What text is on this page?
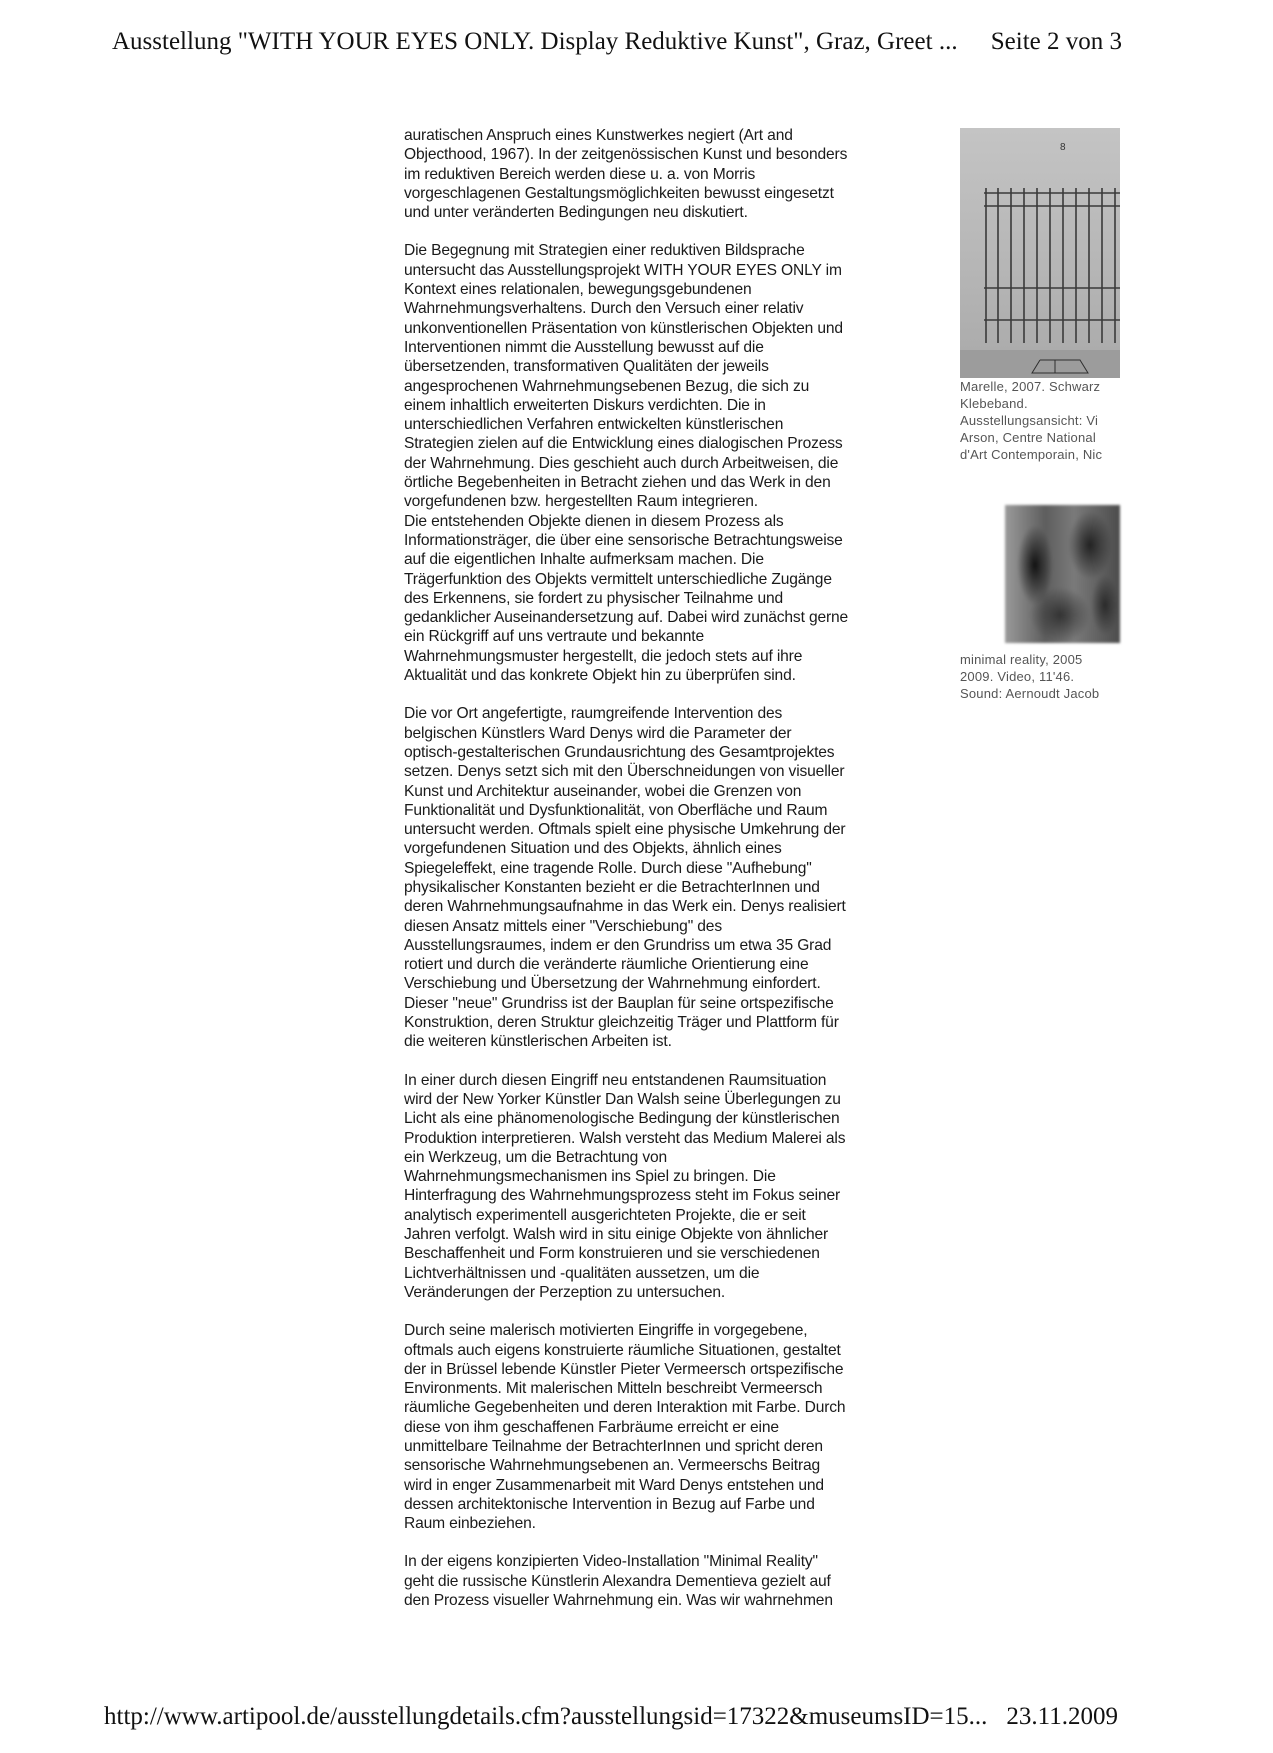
Ausstellung "WITH YOUR EYES ONLY. Display Reduktive Kunst", Graz, Greet ... Seite 2 von 3

auratischen Anspruch eines Kunstwerkes negiert (Art and
Objecthood, 1967). In der zeitgenössischen Kunst und besonders
im reduktiven Bereich werden diese u. a. von Morris
vorgeschlagenen Gestaltungsmöglichkeiten bewusst eingesetzt
und unter veränderten Bedingungen neu diskutiert.

Die Begegnung mit Strategien einer reduktiven Bildsprache
untersucht das Ausstellungsprojekt WITH YOUR EYES ONLY im
Kontext eines relationalen, bewegungsgebundenen
Wahrnehmungsverhaltens. Durch den Versuch einer relativ
unkonventionellen Präsentation von künstlerischen Objekten und
Interventionen nimmt die Ausstellung bewusst auf die
übersetzenden, transformativen Qualitäten der jeweils
angesprochenen Wahrnehmungsebenen Bezug, die sich zu
einem inhaltlich erweiterten Diskurs verdichten. Die in
unterschiedlichen Verfahren entwickelten künstlerischen
Strategien zielen auf die Entwicklung eines dialogischen Prozess
der Wahrnehmung. Dies geschieht auch durch Arbeitweisen, die
örtliche Begebenheiten in Betracht ziehen und das Werk in den
vorgefundenen bzw. hergestellten Raum integrieren.
Die entstehenden Objekte dienen in diesem Prozess als
Informationsträger, die über eine sensorische Betrachtungsweise
auf die eigentlichen Inhalte aufmerksam machen. Die
Trägerfunktion des Objekts vermittelt unterschiedliche Zugänge
des Erkennens, sie fordert zu physischer Teilnahme und
gedanklicher Auseinandersetzung auf. Dabei wird zunächst gerne
ein Rückgriff auf uns vertraute und bekannte
Wahrnehmungsmuster hergestellt, die jedoch stets auf ihre
Aktualität und das konkrete Objekt hin zu überprüfen sind.

Die vor Ort angefertigte, raumgreifende Intervention des
belgischen Künstlers Ward Denys wird die Parameter der
optisch-gestalterischen Grundausrichtung des Gesamtprojektes
setzen. Denys setzt sich mit den Überschneidungen von visueller
Kunst und Architektur auseinander, wobei die Grenzen von
Funktionalität und Dysfunktionalität, von Oberfläche und Raum
untersucht werden. Oftmals spielt eine physische Umkehrung der
vorgefundenen Situation und des Objekts, ähnlich eines
Spiegeleffekt, eine tragende Rolle. Durch diese "Aufhebung"
physikalischer Konstanten bezieht er die BetrachterInnen und
deren Wahrnehmungsaufnahme in das Werk ein. Denys realisiert
diesen Ansatz mittels einer "Verschiebung" des
Ausstellungsraumes, indem er den Grundriss um etwa 35 Grad
rotiert und durch die veränderte räumliche Orientierung eine
Verschiebung und Übersetzung der Wahrnehmung einfordert.
Dieser "neue" Grundriss ist der Bauplan für seine ortspezifische
Konstruktion, deren Struktur gleichzeitig Träger und Plattform für
die weiteren künstlerischen Arbeiten ist.

In einer durch diesen Eingriff neu entstandenen Raumsituation
wird der New Yorker Künstler Dan Walsh seine Überlegungen zu
Licht als eine phänomenologische Bedingung der künstlerischen
Produktion interpretieren. Walsh versteht das Medium Malerei als
ein Werkzeug, um die Betrachtung von
Wahrnehmungsmechanismen ins Spiel zu bringen. Die
Hinterfragung des Wahrnehmungsprozess steht im Fokus seiner
analytisch experimentell ausgerichteten Projekte, die er seit
Jahren verfolgt. Walsh wird in situ einige Objekte von ähnlicher
Beschaffenheit und Form konstruieren und sie verschiedenen
Lichtverhältnissen und -qualitäten aussetzen, um die
Veränderungen der Perzeption zu untersuchen.

Durch seine malerisch motivierten Eingriffe in vorgegebene,
oftmals auch eigens konstruierte räumliche Situationen, gestaltet
der in Brüssel lebende Künstler Pieter Vermeersch ortspezifische
Environments. Mit malerischen Mitteln beschreibt Vermeersch
räumliche Gegebenheiten und deren Interaktion mit Farbe. Durch
diese von ihm geschaffenen Farbräume erreicht er eine
unmittelbare Teilnahme der BetrachterInnen und spricht deren
sensorische Wahrnehmungsebenen an. Vermeerschs Beitrag
wird in enger Zusammenarbeit mit Ward Denys entstehen und
dessen architektonische Intervention in Bezug auf Farbe und
Raum einbeziehen.

In der eigens konzipierten Video-Installation "Minimal Reality"
geht die russische Künstlerin Alexandra Dementieva gezielt auf
den Prozess visueller Wahrnehmung ein. Was wir wahrnehmen

8
Marelle, 2007. Schwarz
Klebeband.
Ausstellungsansicht: Vi
Arson, Centre National
d'Art Contemporain, Nic
minimal reality, 2005
2009. Video, 11'46.
Sound: Aernoudt Jacob
http://www.artipool.de/ausstellungdetails.cfm?ausstellungsid=17322&museumsID=15... 23.11.2009
